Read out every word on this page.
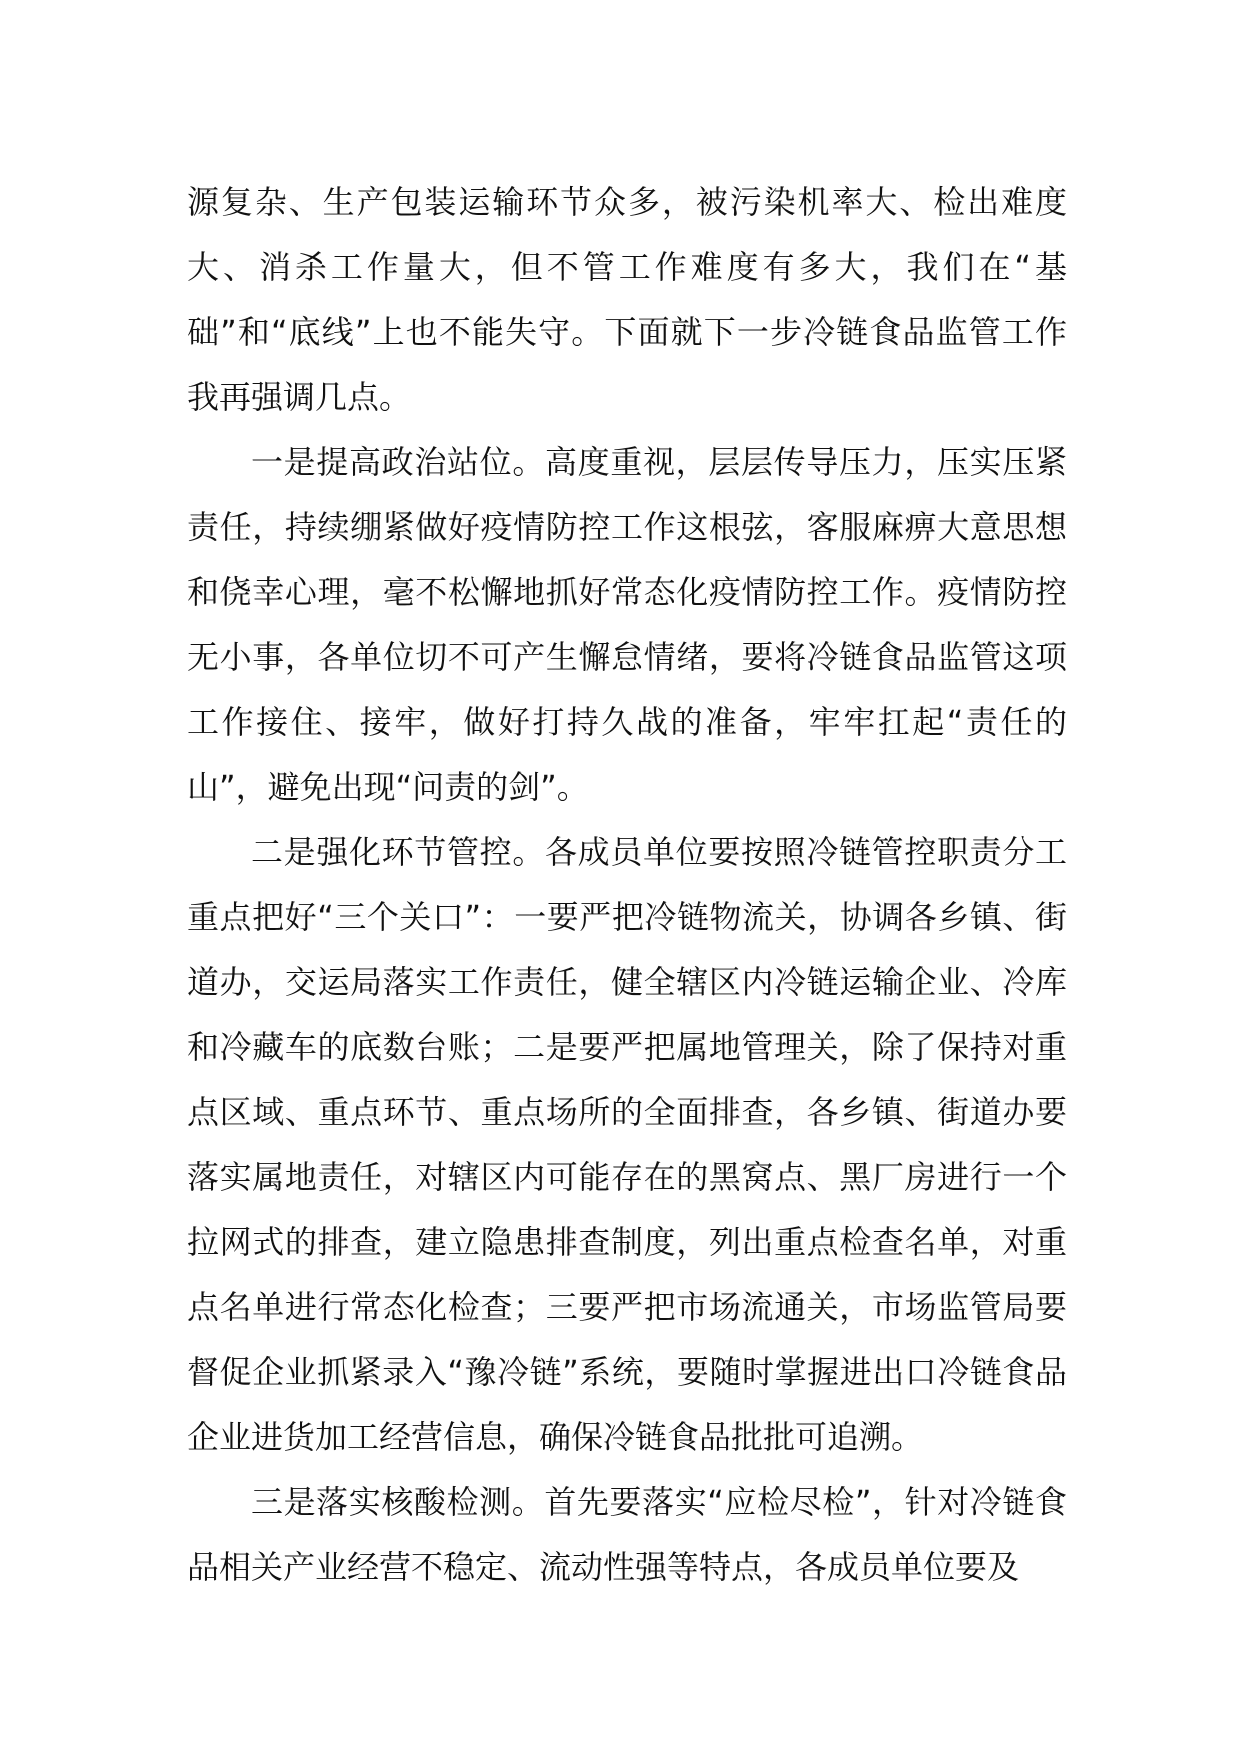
源复杂、生产包装运输环节众多，被污染机率大、检出难度大、消杀工作量大，但不管工作难度有多大，我们在“基础”和“底线”上也不能失守。下面就下一步冷链食品监管工作我再强调几点。

一是提高政治站位。高度重视，层层传导压力，压实压紧责任，持续绷紧做好疫情防控工作这根弦，客服麻痹大意思想和侥幸心理，毫不松懈地抓好常态化疫情防控工作。疫情防控无小事，各单位切不可产生懈怠情绪，要将冷链食品监管这项工作接住、接牢，做好打持久战的准备，牢牢扛起“责任的山”，避免出现“问责的剑”。

二是强化环节管控。各成员单位要按照冷链管控职责分工重点把好“三个关口”：一要严把冷链物流关，协调各乡镇、街道办，交运局落实工作责任，健全辖区内冷链运输企业、冷库和冷藏车的底数台账；二是要严把属地管理关，除了保持对重点区域、重点环节、重点场所的全面排查，各乡镇、街道办要落实属地责任，对辖区内可能存在的黑窝点、黑厂房进行一个拉网式的排查，建立隐患排查制度，列出重点检查名单，对重点名单进行常态化检查；三要严把市场流通关，市场监管局要督促企业抓紧录入“豫冷链”系统，要随时掌握进出口冷链食品企业进货加工经营信息，确保冷链食品批批可追溯。

三是落实核酸检测。首先要落实“应检尽检”，针对冷链食品相关产业经营不稳定、流动性强等特点，各成员单位要及
